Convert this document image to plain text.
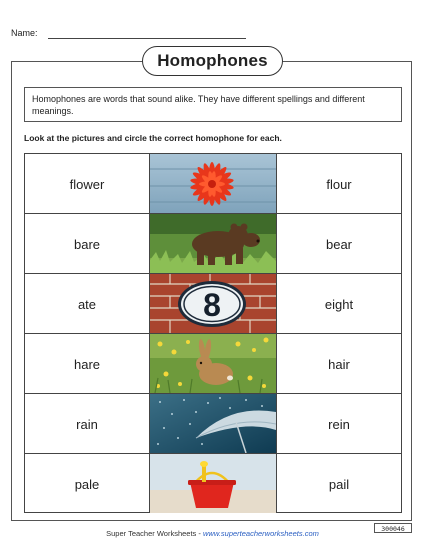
Name:
Homophones
Homophones are words that sound alike. They have different spellings and different meanings.
Look at the pictures and circle the correct homophone for each.
flower	flour
bare	bear
ate	8	eight
hare	hair
rain	rein
pale	pail
Super Teacher Worksheets - www.superteacherworksheets.com	300046
